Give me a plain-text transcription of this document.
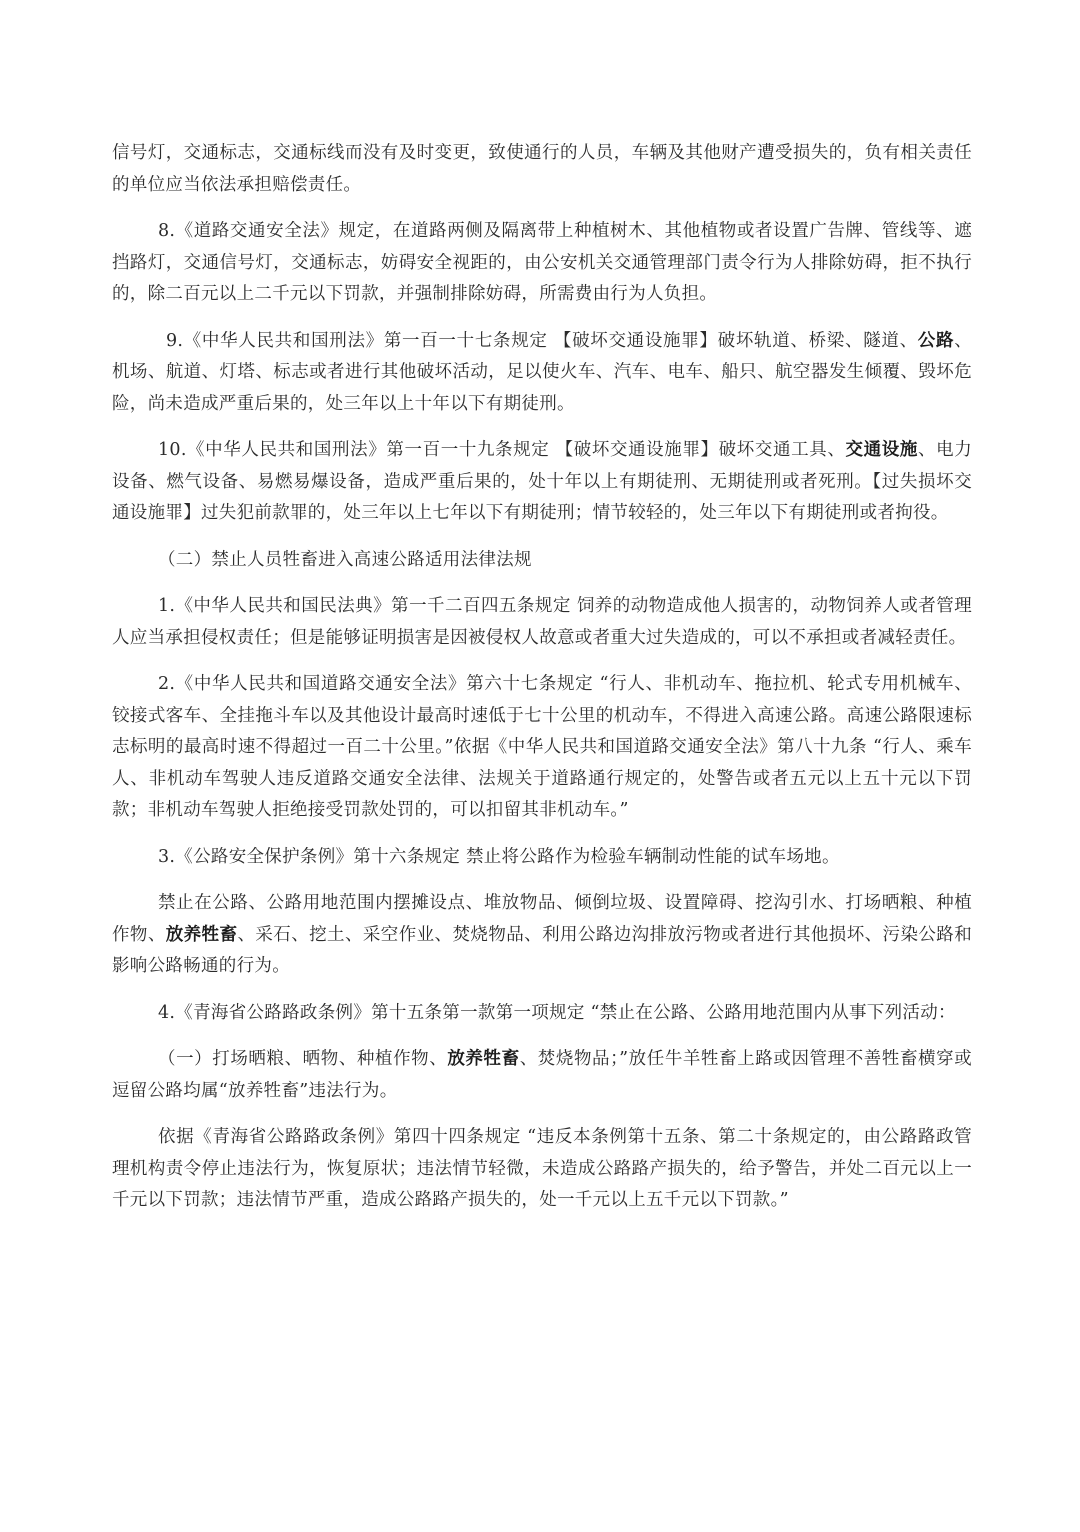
信号灯，交通标志，交通标线而没有及时变更，致使通行的人员，车辆及其他财产遭受损失的，负有相关责任的单位应当依法承担赔偿责任。

8.《道路交通安全法》规定，在道路两侧及隔离带上种植树木、其他植物或者设置广告牌、管线等、遮挡路灯，交通信号灯，交通标志，妨碍安全视距的，由公安机关交通管理部门责令行为人排除妨碍，拒不执行的，除二百元以上二千元以下罚款，并强制排除妨碍，所需费由行为人负担。

9.《中华人民共和国刑法》第一百一十七条规定 【破坏交通设施罪】破坏轨道、桥梁、隧道、公路、机场、航道、灯塔、标志或者进行其他破坏活动，足以使火车、汽车、电车、船只、航空器发生倾覆、毁坏危险，尚未造成严重后果的，处三年以上十年以下有期徒刑。

10.《中华人民共和国刑法》第一百一十九条规定 【破坏交通设施罪】破坏交通工具、交通设施、电力设备、燃气设备、易燃易爆设备，造成严重后果的，处十年以上有期徒刑、无期徒刑或者死刑。【过失损坏交通设施罪】过失犯前款罪的，处三年以上七年以下有期徒刑；情节较轻的，处三年以下有期徒刑或者拘役。

（二）禁止人员牲畜进入高速公路适用法律法规

1.《中华人民共和国民法典》第一千二百四五条规定 饲养的动物造成他人损害的，动物饲养人或者管理人应当承担侵权责任；但是能够证明损害是因被侵权人故意或者重大过失造成的，可以不承担或者减轻责任。

2.《中华人民共和国道路交通安全法》第六十七条规定 “行人、非机动车、拖拉机、轮式专用机械车、铰接式客车、全挂拖斗车以及其他设计最高时速低于七十公里的机动车，不得进入高速公路。高速公路限速标志标明的最高时速不得超过一百二十公里。”依据《中华人民共和国道路交通安全法》第八十九条 “行人、乘车人、非机动车驾驶人违反道路交通安全法律、法规关于道路通行规定的，处警告或者五元以上五十元以下罚款；非机动车驾驶人拒绝接受罚款处罚的，可以扣留其非机动车。”

3.《公路安全保护条例》第十六条规定 禁止将公路作为检验车辆制动性能的试车场地。

禁止在公路、公路用地范围内摆摊设点、堆放物品、倾倒垃圾、设置障碍、挖沟引水、打场晒粮、种植作物、放养牲畜、采石、挖土、采空作业、焚烧物品、利用公路边沟排放污物或者进行其他损坏、污染公路和影响公路畅通的行为。

4.《青海省公路路政条例》第十五条第一款第一项规定 “禁止在公路、公路用地范围内从事下列活动：

（一）打场晒粮、晒物、种植作物、放养牲畜、焚烧物品；”放任牛羊牲畜上路或因管理不善牲畜横穿或逗留公路均属“放养牲畜”违法行为。

依据《青海省公路路政条例》第四十四条规定 “违反本条例第十五条、第二十条规定的，由公路路政管理机构责令停止违法行为，恢复原状；违法情节轻微，未造成公路路产损失的，给予警告，并处二百元以上一千元以下罚款；违法情节严重，造成公路路产损失的，处一千元以上五千元以下罚款。”
